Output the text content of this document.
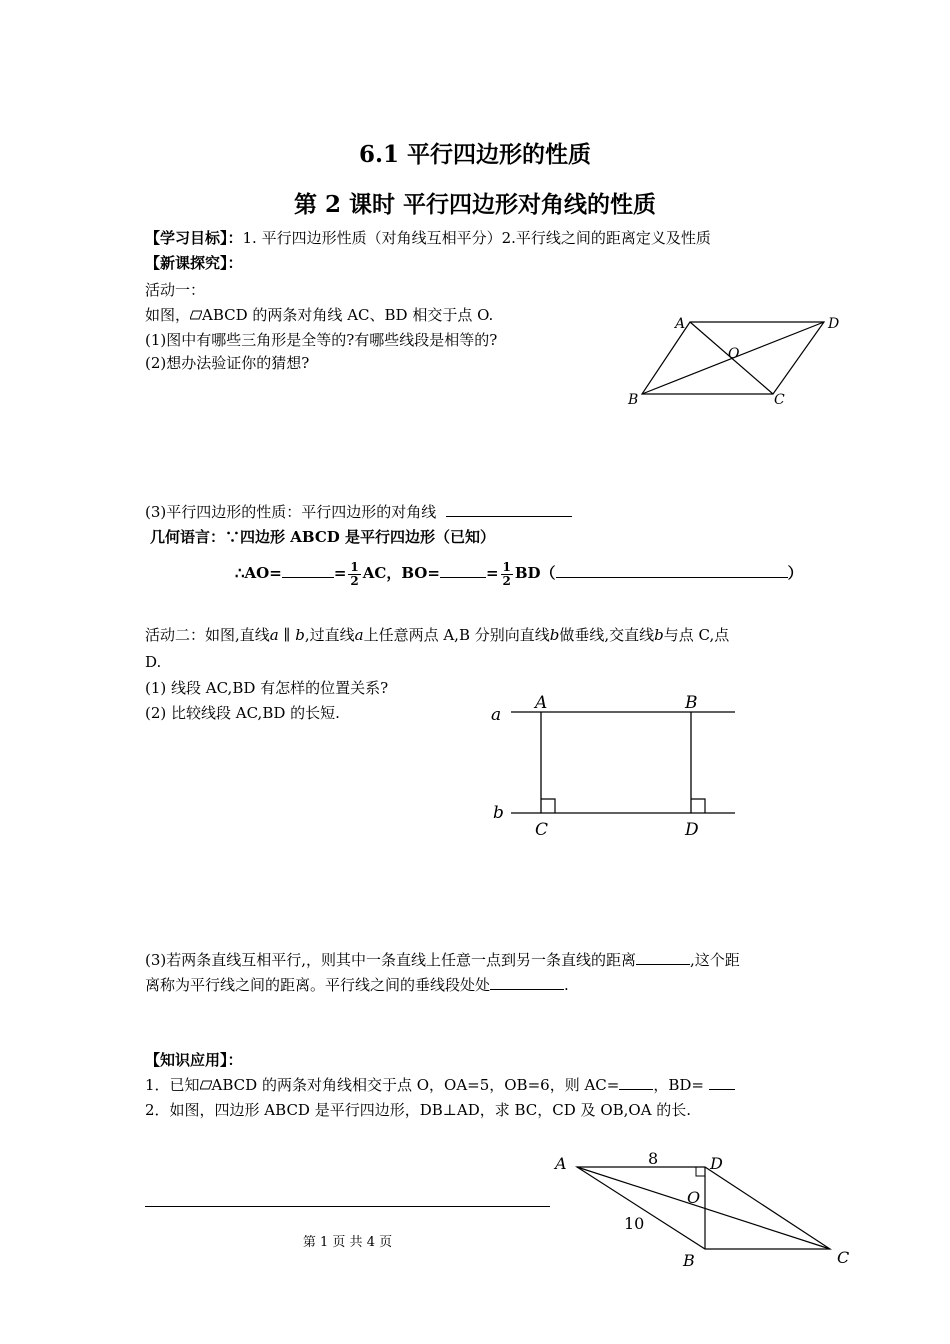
6.1 平行四边形的性质
第 2 课时 平行四边形对角线的性质
【学习目标】：1. 平行四边形性质（对角线互相平分）2.平行线之间的距离定义及性质
【新课探究】：
活动一：
如图， ABCD 的两条对角线 AC、BD 相交于点 O.
(1)图中有哪些三角形是全等的?有哪些线段是相等的?
(2)想办法验证你的猜想?
A	D
O
B	C
(3)平行四边形的性质：平行四边形的对角线
几何语言：∵四边形 ABCD 是平行四边形（已知）
∴AO=	= $\frac{1}{2}$ AC，BO=	= $\frac{1}{2} BD$（	）
活动二：如图,直线a ∥ b,过直线a上任意两点 A,B 分别向直线b做垂线,交直线b与点 C,点
D.
(1) 线段 AC,BD 有怎样的位置关系?
(2) 比较线段 AC,BD 的长短.	a
b
A	B
C	D
(3)若两条直线互相平行,，则其中一条直线上任意一点到另一条直线的距离	,这个距
离称为平行线之间的距离。平行线之间的垂线段处处	.
【知识应用】：
1．已知 ABCD 的两条对角线相交于点 O，OA=5，OB=6，则 AC= ，BD=
2．如图，四边形 ABCD 是平行四边形，DB⊥AD，求 BC，CD 及 OB,OA 的长.
A	D
O
B	C
8
10
第 1 页 共 4 页
